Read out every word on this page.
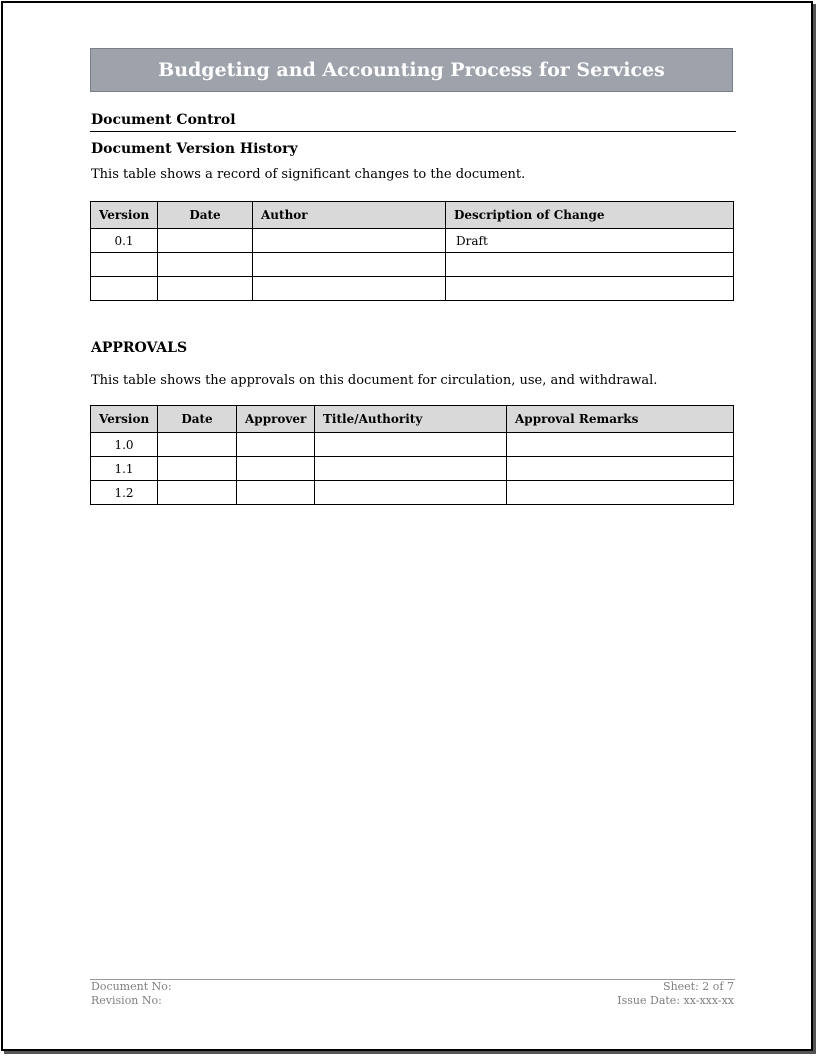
Budgeting and Accounting Process for Services
Document Control
Document Version History
This table shows a record of significant changes to the document.
Version	Date	Author	Description of Change
0.1			Draft

APPROVALS
This table shows the approvals on this document for circulation, use, and withdrawal.
Version	Date	Approver	Title/Authority	Approval Remarks
1.0				
1.1				
1.2				
Document No:
Revision No:
Sheet: 2 of 7
Issue Date: xx-xxx-xx
